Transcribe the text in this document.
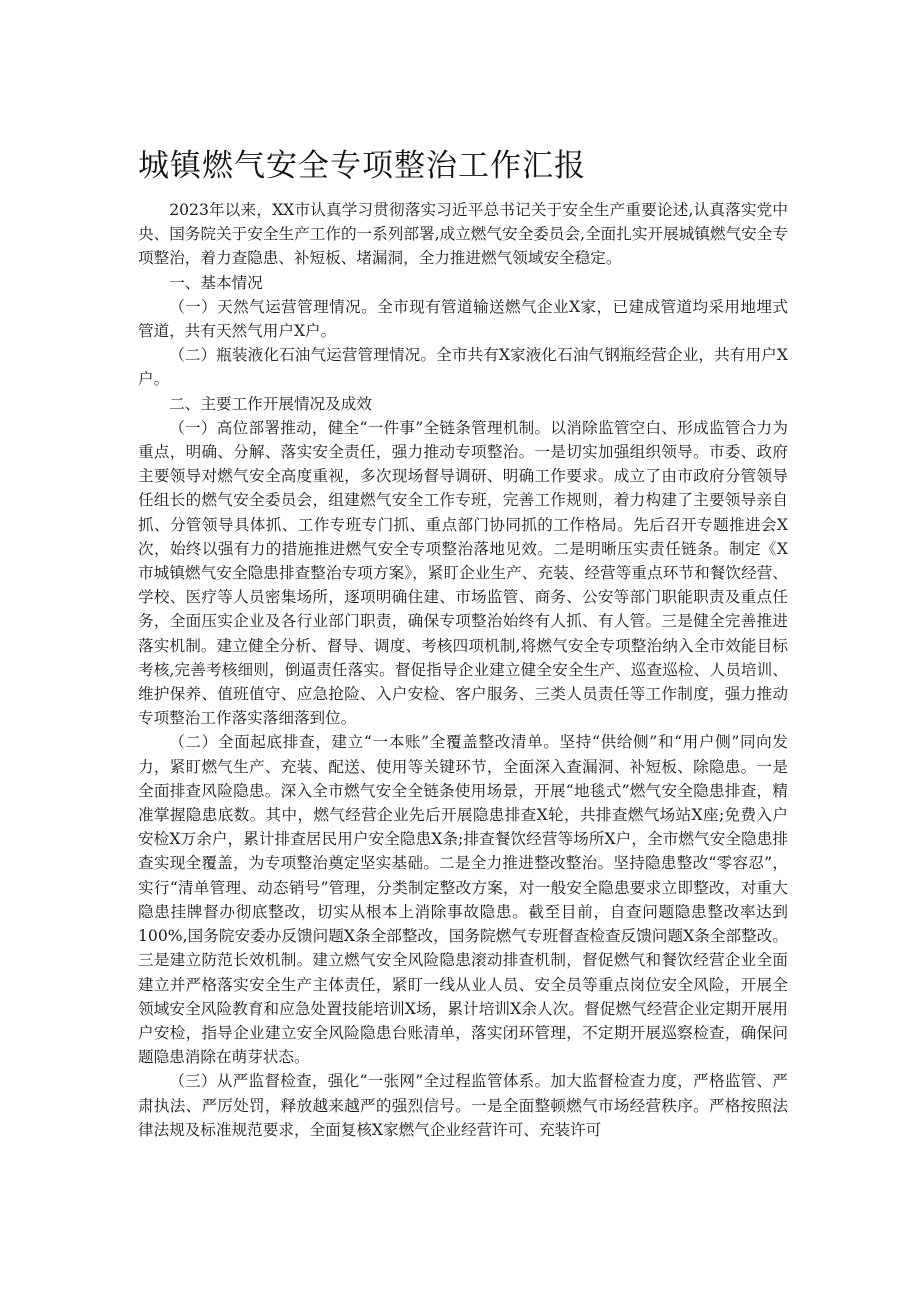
城镇燃气安全专项整治工作汇报

2023年以来，XX市认真学习贯彻落实习近平总书记关于安全生产重要论述,认真落实党中央、国务院关于安全生产工作的一系列部署,成立燃气安全委员会,全面扎实开展城镇燃气安全专项整治，着力查隐患、补短板、堵漏洞，全力推进燃气领域安全稳定。

一、基本情况

（一）天然气运营管理情况。全市现有管道输送燃气企业X家，已建成管道均采用地埋式管道，共有天然气用户X户。

（二）瓶装液化石油气运营管理情况。全市共有X家液化石油气钢瓶经营企业，共有用户X户。

二、主要工作开展情况及成效

（一）高位部署推动，健全“一件事”全链条管理机制。以消除监管空白、形成监管合力为重点，明确、分解、落实安全责任，强力推动专项整治。一是切实加强组织领导。市委、政府主要领导对燃气安全高度重视，多次现场督导调研、明确工作要求。成立了由市政府分管领导任组长的燃气安全委员会，组建燃气安全工作专班，完善工作规则，着力构建了主要领导亲自抓、分管领导具体抓、工作专班专门抓、重点部门协同抓的工作格局。先后召开专题推进会X次，始终以强有力的措施推进燃气安全专项整治落地见效。二是明晰压实责任链条。制定《X市城镇燃气安全隐患排查整治专项方案》，紧盯企业生产、充装、经营等重点环节和餐饮经营、学校、医疗等人员密集场所，逐项明确住建、市场监管、商务、公安等部门职能职责及重点任务，全面压实企业及各行业部门职责，确保专项整治始终有人抓、有人管。三是健全完善推进落实机制。建立健全分析、督导、调度、考核四项机制,将燃气安全专项整治纳入全市效能目标考核,完善考核细则，倒逼责任落实。督促指导企业建立健全安全生产、巡查巡检、人员培训、维护保养、值班值守、应急抢险、入户安检、客户服务、三类人员责任等工作制度，强力推动专项整治工作落实落细落到位。

（二）全面起底排查，建立“一本账”全覆盖整改清单。坚持“供给侧”和“用户侧”同向发力，紧盯燃气生产、充装、配送、使用等关键环节，全面深入查漏洞、补短板、除隐患。一是全面排查风险隐患。深入全市燃气安全全链条使用场景，开展“地毯式”燃气安全隐患排查，精准掌握隐患底数。其中，燃气经营企业先后开展隐患排查X轮，共排查燃气场站X座;免费入户安检X万余户，累计排查居民用户安全隐患X条;排查餐饮经营等场所X户，全市燃气安全隐患排查实现全覆盖，为专项整治奠定坚实基础。二是全力推进整改整治。坚持隐患整改“零容忍”，实行“清单管理、动态销号”管理，分类制定整改方案，对一般安全隐患要求立即整改，对重大隐患挂牌督办彻底整改，切实从根本上消除事故隐患。截至目前，自查问题隐患整改率达到100%,国务院安委办反馈问题X条全部整改，国务院燃气专班督查检查反馈问题X条全部整改。三是建立防范长效机制。建立燃气安全风险隐患滚动排查机制，督促燃气和餐饮经营企业全面建立并严格落实安全生产主体责任，紧盯一线从业人员、安全员等重点岗位安全风险，开展全领域安全风险教育和应急处置技能培训X场，累计培训X余人次。督促燃气经营企业定期开展用户安检，指导企业建立安全风险隐患台账清单，落实闭环管理，不定期开展巡察检查，确保问题隐患消除在萌芽状态。

（三）从严监督检查，强化“一张网”全过程监管体系。加大监督检查力度，严格监管、严肃执法、严厉处罚，释放越来越严的强烈信号。一是全面整顿燃气市场经营秩序。严格按照法律法规及标准规范要求，全面复核X家燃气企业经营许可、充装许可
